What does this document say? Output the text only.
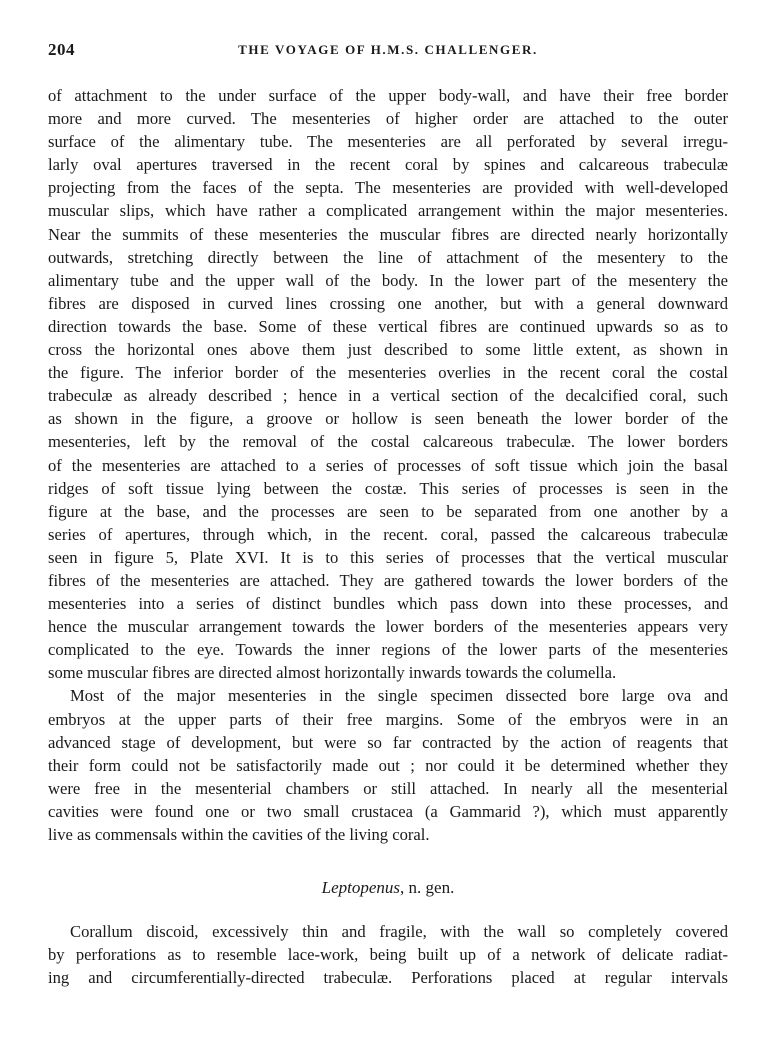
204	THE VOYAGE OF H.M.S. CHALLENGER.

of attachment to the under surface of the upper body-wall, and have their free border
more and more curved. The mesenteries of higher order are attached to the outer
surface of the alimentary tube. The mesenteries are all perforated by several irregu-
larly oval apertures traversed in the recent coral by spines and calcareous trabeculæ
projecting from the faces of the septa. The mesenteries are provided with well-developed
muscular slips, which have rather a complicated arrangement within the major mesenteries.
Near the summits of these mesenteries the muscular fibres are directed nearly horizontally
outwards, stretching directly between the line of attachment of the mesentery to the
alimentary tube and the upper wall of the body. In the lower part of the mesentery the
fibres are disposed in curved lines crossing one another, but with a general downward
direction towards the base. Some of these vertical fibres are continued upwards so as to
cross the horizontal ones above them just described to some little extent, as shown in
the figure. The inferior border of the mesenteries overlies in the recent coral the costal
trabeculæ as already described ; hence in a vertical section of the decalcified coral, such
as shown in the figure, a groove or hollow is seen beneath the lower border of the
mesenteries, left by the removal of the costal calcareous trabeculæ. The lower borders
of the mesenteries are attached to a series of processes of soft tissue which join the basal
ridges of soft tissue lying between the costæ. This series of processes is seen in the
figure at the base, and the processes are seen to be separated from one another by a
series of apertures, through which, in the recent. coral, passed the calcareous trabeculæ
seen in figure 5, Plate XVI. It is to this series of processes that the vertical muscular
fibres of the mesenteries are attached. They are gathered towards the lower borders of the
mesenteries into a series of distinct bundles which pass down into these processes, and
hence the muscular arrangement towards the lower borders of the mesenteries appears very
complicated to the eye. Towards the inner regions of the lower parts of the mesenteries
some muscular fibres are directed almost horizontally inwards towards the columella.

Most of the major mesenteries in the single specimen dissected bore large ova and
embryos at the upper parts of their free margins. Some of the embryos were in an
advanced stage of development, but were so far contracted by the action of reagents that
their form could not be satisfactorily made out ; nor could it be determined whether they
were free in the mesenterial chambers or still attached. In nearly all the mesenterial
cavities were found one or two small crustacea (a Gammarid ?), which must apparently
live as commensals within the cavities of the living coral.

Leptopenus, n. gen.

Corallum discoid, excessively thin and fragile, with the wall so completely covered
by perforations as to resemble lace-work, being built up of a network of delicate radiat-
ing and circumferentially-directed trabeculæ. Perforations placed at regular intervals
